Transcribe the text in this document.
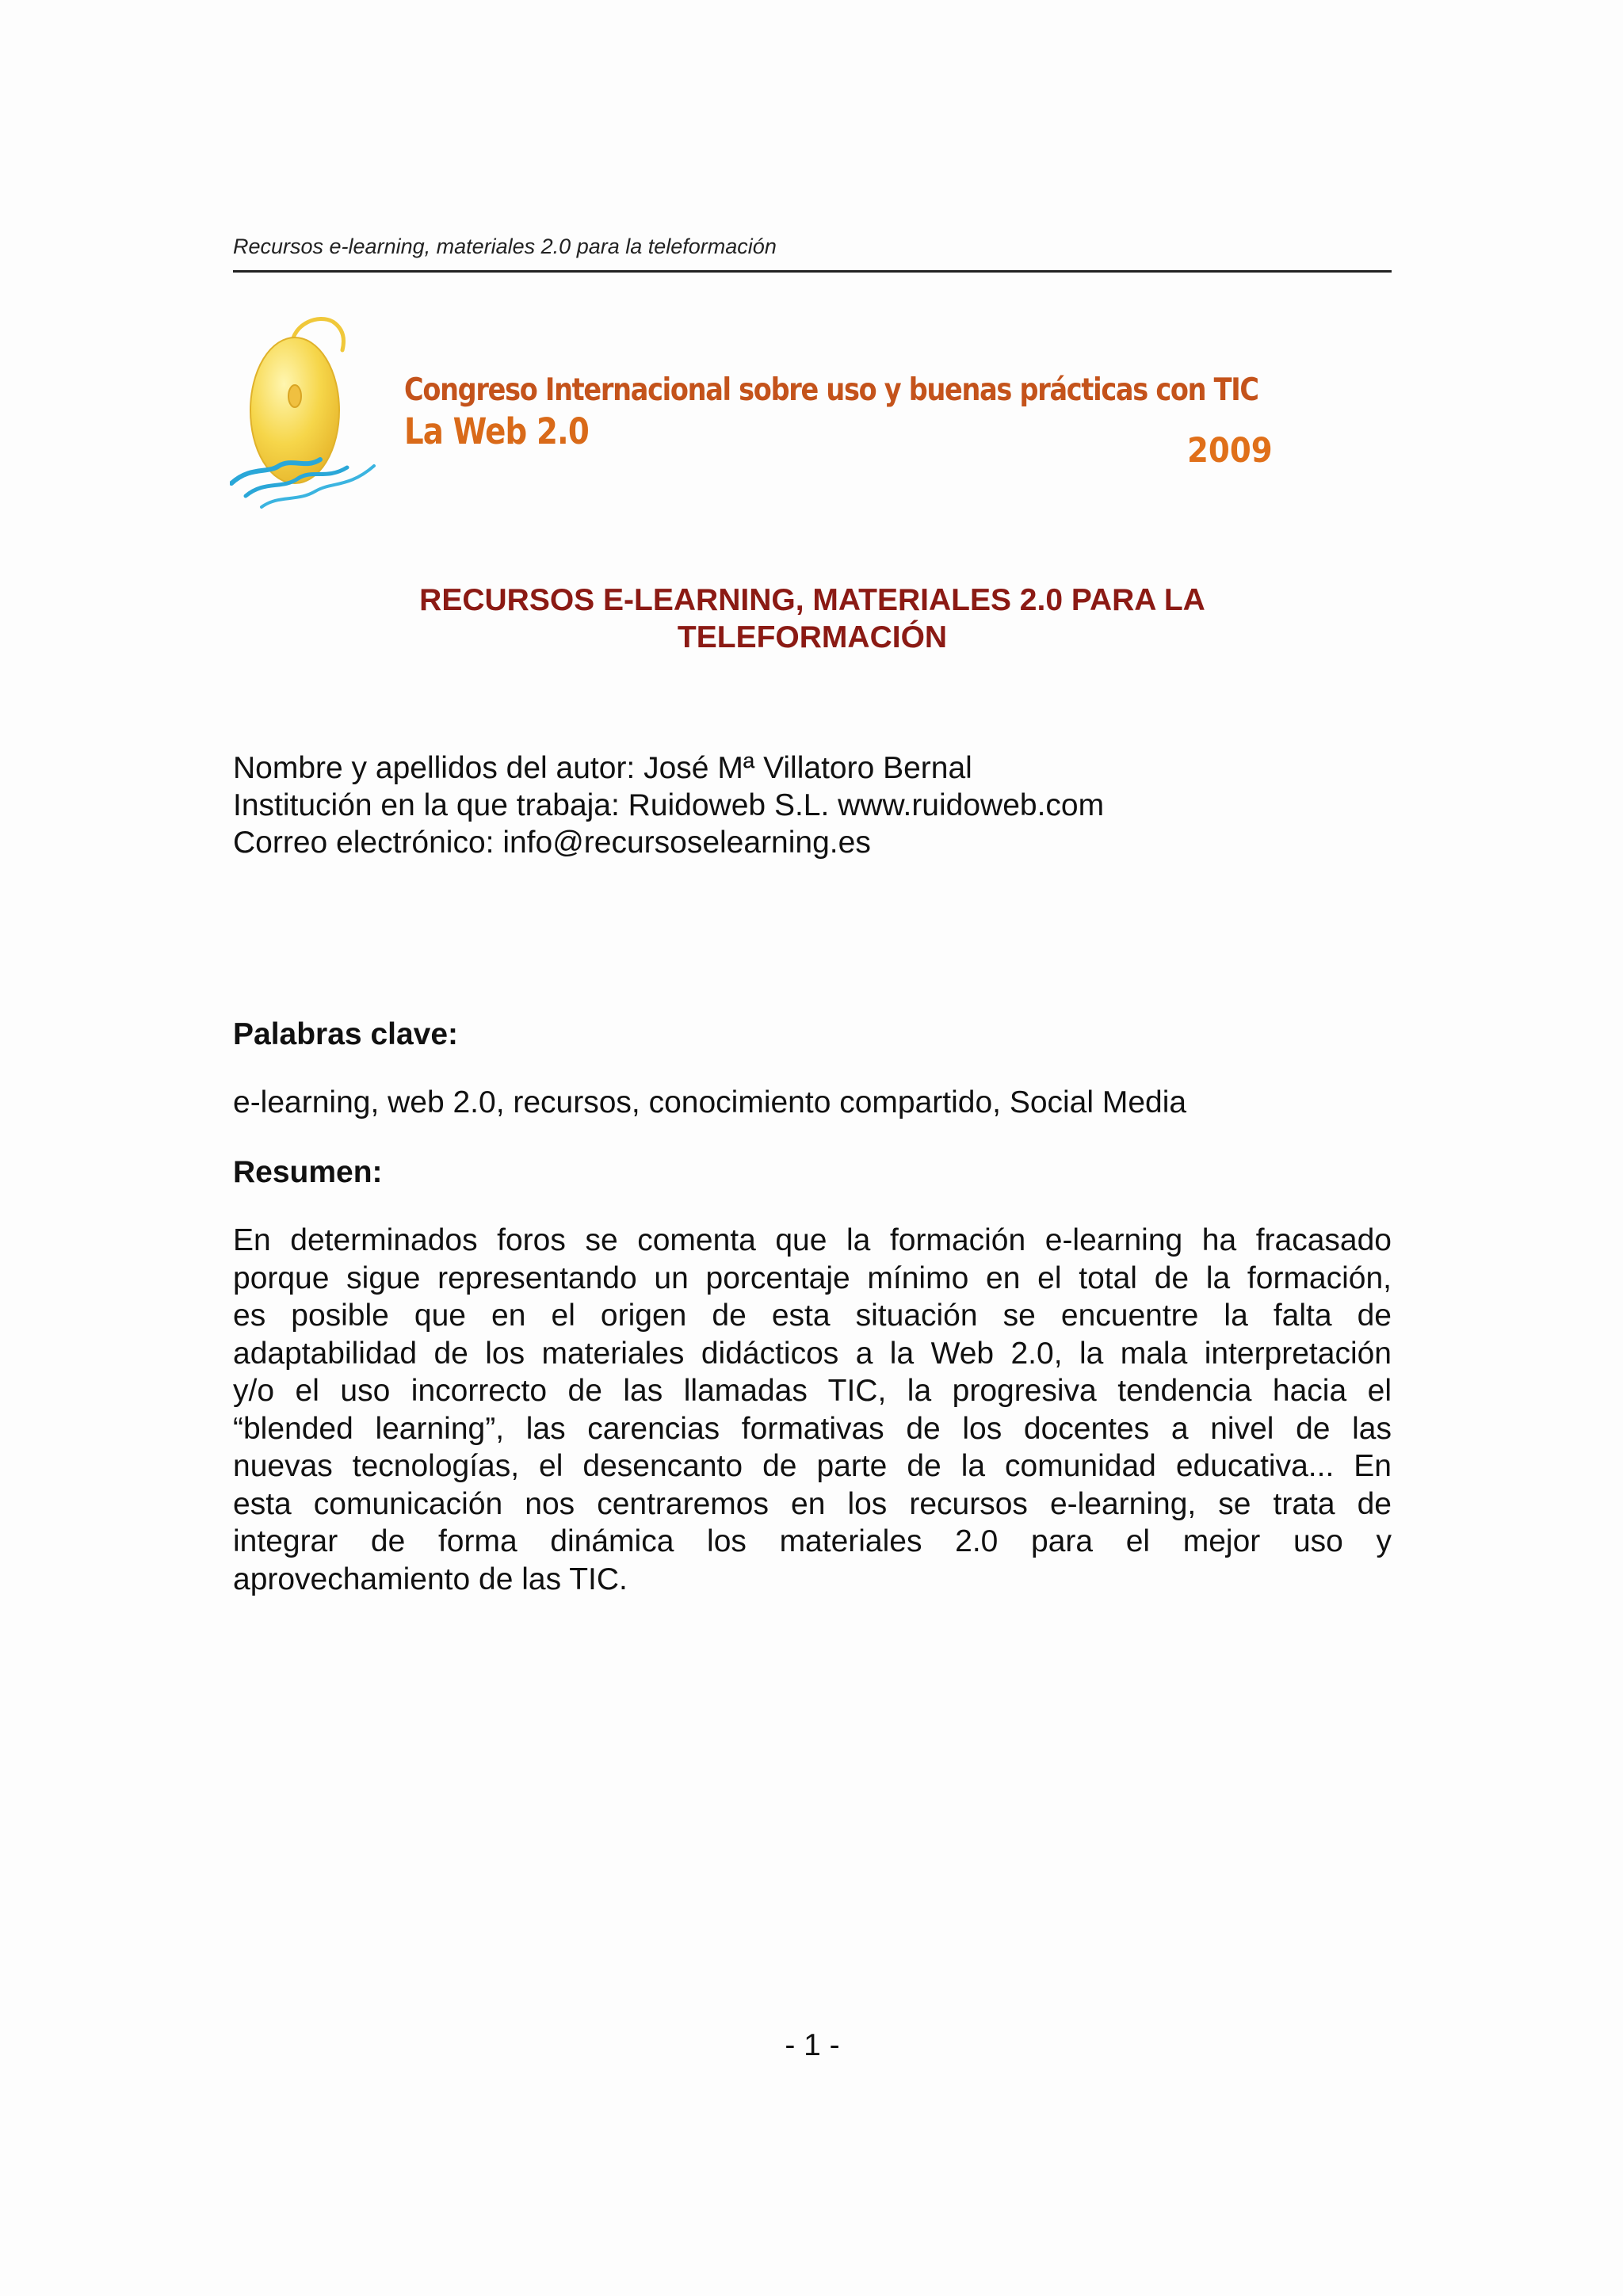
Recursos e-learning, materiales 2.0 para la teleformación
Congreso Internacional sobre uso y buenas prácticas con TIC
La Web 2.0	2009
RECURSOS E-LEARNING, MATERIALES 2.0 PARA LA
TELEFORMACIÓN
Nombre y apellidos del autor: José Mª Villatoro Bernal
Institución en la que trabaja: Ruidoweb S.L. www.ruidoweb.com
Correo electrónico: info@recursoselearning.es
Palabras clave:
e-learning, web 2.0, recursos, conocimiento compartido, Social Media
Resumen:
En determinados foros se comenta que la formación e-learning ha fracasado
porque sigue representando un porcentaje mínimo en el total de la formación,
es posible que en el origen de esta situación se encuentre la falta de
adaptabilidad de los materiales didácticos a la Web 2.0, la mala interpretación
y/o el uso incorrecto de las llamadas TIC, la progresiva tendencia hacia el
“blended learning”, las carencias formativas de los docentes a nivel de las
nuevas tecnologías, el desencanto de parte de la comunidad educativa... En
esta comunicación nos centraremos en los recursos e-learning, se trata de
integrar de forma dinámica los materiales 2.0 para el mejor uso y
aprovechamiento de las TIC.
- 1 -
